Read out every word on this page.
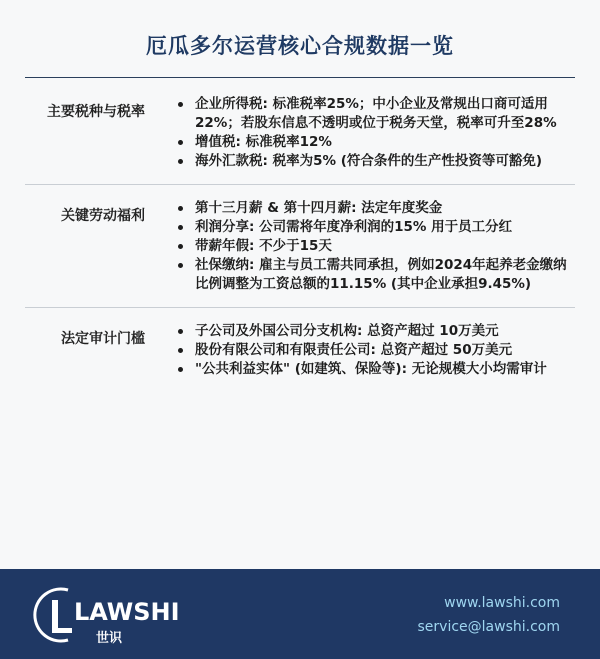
厄瓜多尔运营核心合规数据一览
主要税种与税率	企业所得税: 标准税率25%；中小企业及常规出口商可适用22%；若股东信息不透明或位于税务天堂，税率可升至28%
增值税: 标准税率12%
海外汇款税: 税率为5% (符合条件的生产性投资等可豁免)
关键劳动福利	第十三月薪 & 第十四月薪: 法定年度奖金
利润分享: 公司需将年度净利润的15% 用于员工分红
带薪年假: 不少于15天
社保缴纳: 雇主与员工需共同承担，例如2024年起养老金缴纳比例调整为工资总额的11.15% (其中企业承担9.45%)
法定审计门槛	子公司及外国公司分支机构: 总资产超过 10万美元
股份有限公司和有限责任公司: 总资产超过 50万美元
"公共利益实体" (如建筑、保险等): 无论规模大小均需审计
LAWSHI
世识
www.lawshi.com
service@lawshi.com
